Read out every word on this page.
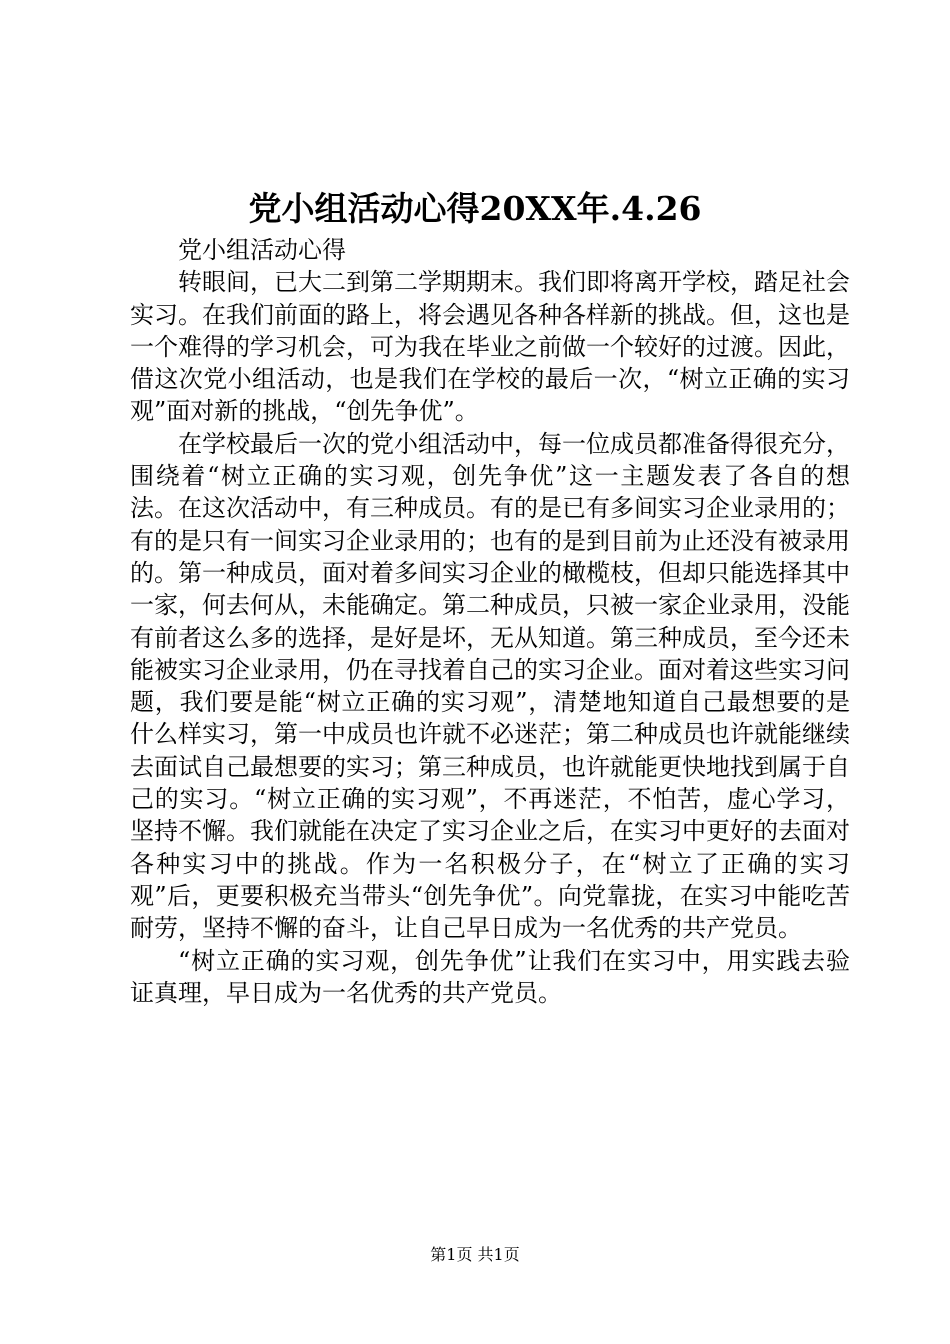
党小组活动心得20XX年.4.26

党小组活动心得

转眼间，已大二到第二学期期末。我们即将离开学校，踏足社会实习。在我们前面的路上，将会遇见各种各样新的挑战。但，这也是一个难得的学习机会，可为我在毕业之前做一个较好的过渡。因此，借这次党小组活动，也是我们在学校的最后一次，“树立正确的实习观”面对新的挑战，“创先争优”。

在学校最后一次的党小组活动中，每一位成员都准备得很充分，围绕着“树立正确的实习观，创先争优”这一主题发表了各自的想法。在这次活动中，有三种成员。有的是已有多间实习企业录用的；有的是只有一间实习企业录用的；也有的是到目前为止还没有被录用的。第一种成员，面对着多间实习企业的橄榄枝，但却只能选择其中一家，何去何从，未能确定。第二种成员，只被一家企业录用，没能有前者这么多的选择，是好是坏，无从知道。第三种成员，至今还未能被实习企业录用，仍在寻找着自己的实习企业。面对着这些实习问题，我们要是能“树立正确的实习观”，清楚地知道自己最想要的是什么样实习，第一中成员也许就不必迷茫；第二种成员也许就能继续去面试自己最想要的实习；第三种成员，也许就能更快地找到属于自己的实习。“树立正确的实习观”，不再迷茫，不怕苦，虚心学习，坚持不懈。我们就能在决定了实习企业之后，在实习中更好的去面对各种实习中的挑战。作为一名积极分子，在“树立了正确的实习观”后，更要积极充当带头“创先争优”。向党靠拢，在实习中能吃苦耐劳，坚持不懈的奋斗，让自己早日成为一名优秀的共产党员。

“树立正确的实习观，创先争优”让我们在实习中，用实践去验证真理，早日成为一名优秀的共产党员。

第1页 共1页
